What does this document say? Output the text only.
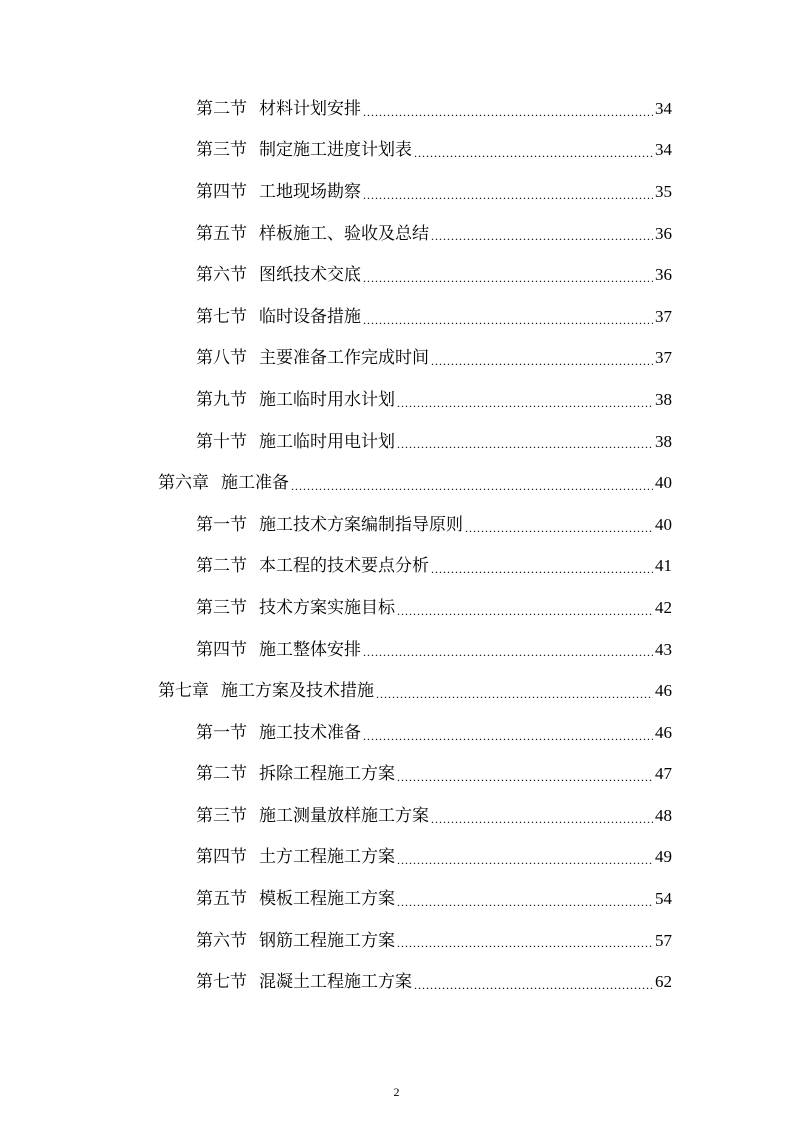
第二节 材料计划安排 .....	34
第三节 制定施工进度计划表 .....	34
第四节 工地现场勘察 .....	35
第五节 样板施工、验收及总结 .....	36
第六节 图纸技术交底 .....	36
第七节 临时设备措施 .....	37
第八节 主要准备工作完成时间 .....	37
第九节 施工临时用水计划 .....	38
第十节 施工临时用电计划 .....	38
第六章 施工准备 .....	40
第一节 施工技术方案编制指导原则 .....	40
第二节 本工程的技术要点分析 .....	41
第三节 技术方案实施目标 .....	42
第四节 施工整体安排 .....	43
第七章 施工方案及技术措施 .....	46
第一节 施工技术准备 .....	46
第二节 拆除工程施工方案 .....	47
第三节 施工测量放样施工方案 .....	48
第四节 土方工程施工方案 .....	49
第五节 模板工程施工方案 .....	54
第六节 钢筋工程施工方案 .....	57
第七节 混凝土工程施工方案 .....	62
2
